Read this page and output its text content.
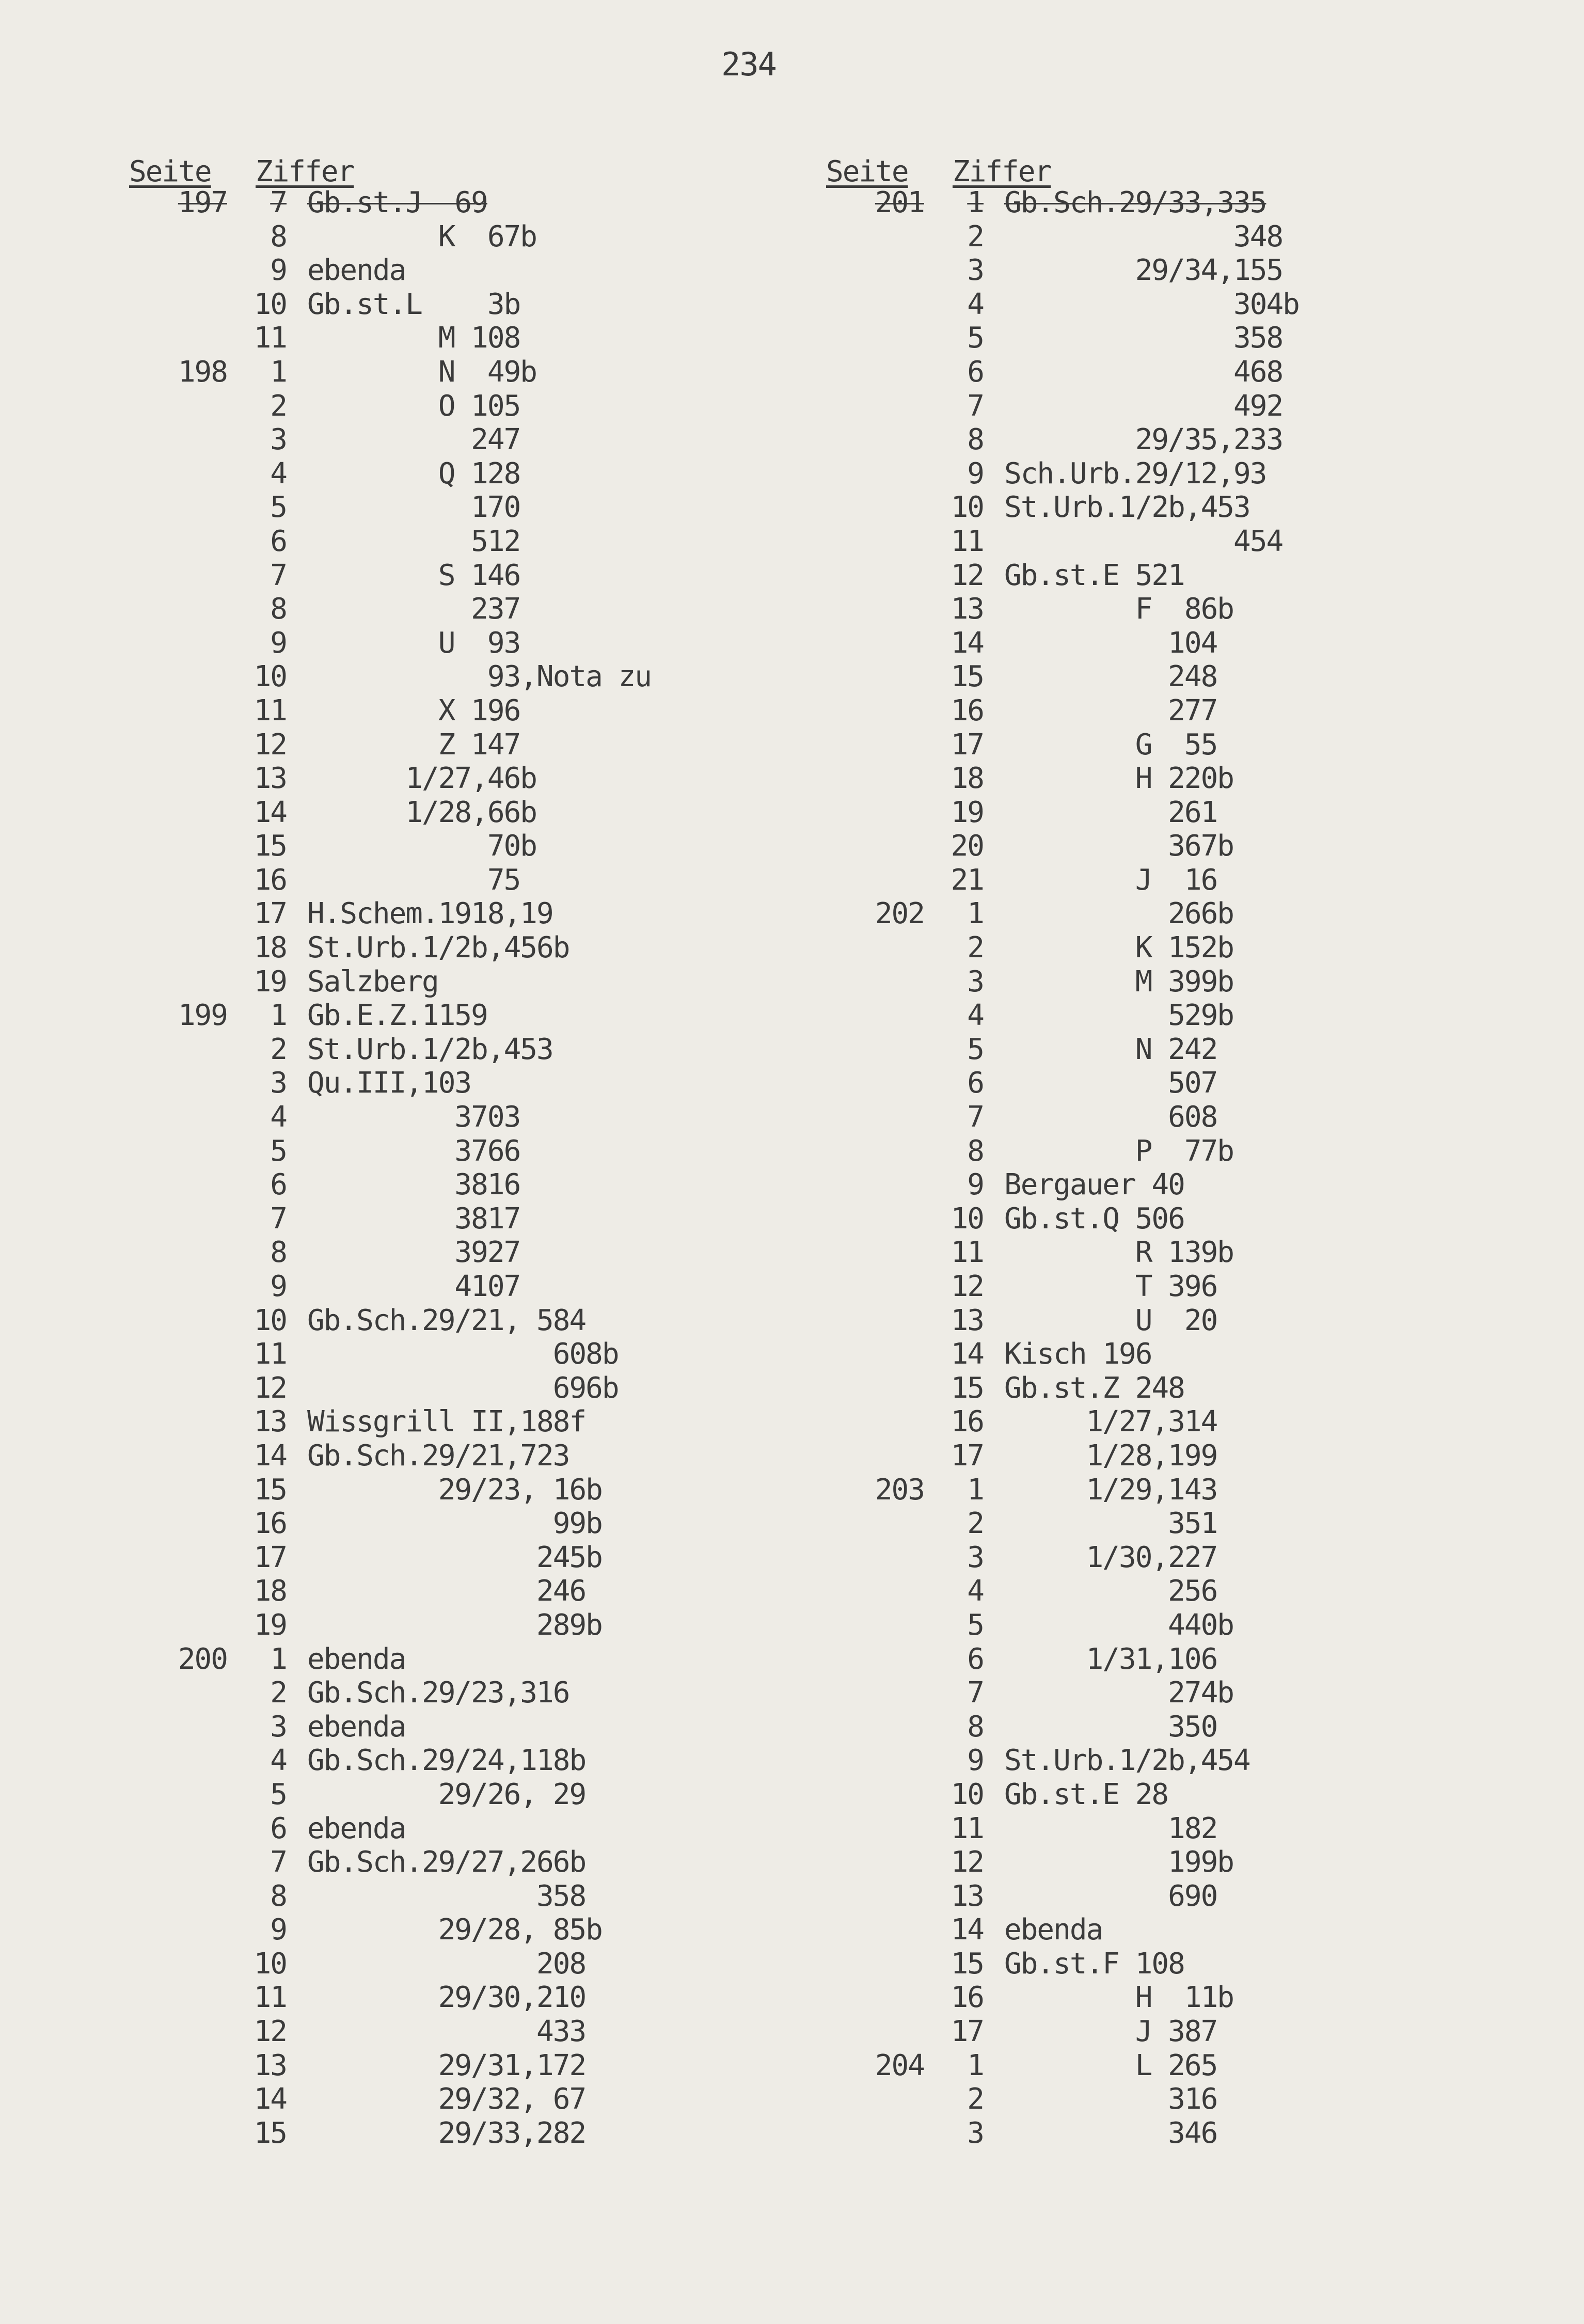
234
Seite	Ziffer
197	7 Gb.st.J  69
8 K  67b
9 ebenda
10 Gb.st.L    3b
11 M 108
198	1 N  49b
2 O 105
3 247
4 Q 128
5 170
6 512
7 S 146
8 237
9 U  93
10 93,Nota zu
11 X 196
12 Z 147
13 1/27,46b
14 1/28,66b
15 70b
16 75
17 H.Schem.1918,19
18 St.Urb.1/2b,456b
19 Salzberg
199	1 Gb.E.Z.1159
2 St.Urb.1/2b,453
3 Qu.III,103
4 3703
5 3766
6 3816
7 3817
8 3927
9 4107
10 Gb.Sch.29/21, 584
11 608b
12 696b
13 Wissgrill II,188f
14 Gb.Sch.29/21,723
15 29/23, 16b
16 99b
17 245b
18 246
19 289b
200	1 ebenda
2 Gb.Sch.29/23,316
3 ebenda
4 Gb.Sch.29/24,118b
5 29/26, 29
6 ebenda
7 Gb.Sch.29/27,266b
8 358
9 29/28, 85b
10 208
11 29/30,210
12 433
13 29/31,172
14 29/32, 67
15 29/33,282
Seite	Ziffer
201	1 Gb.Sch.29/33,335
2 348
3 29/34,155
4 304b
5 358
6 468
7 492
8 29/35,233
9 Sch.Urb.29/12,93
10 St.Urb.1/2b,453
11 454
12 Gb.st.E 521
13 F  86b
14 104
15 248
16 277
17 G  55
18 H 220b
19 261
20 367b
21 J  16
202	1 266b
2 K 152b
3 M 399b
4 529b
5 N 242
6 507
7 608
8 P  77b
9 Bergauer 40
10 Gb.st.Q 506
11 R 139b
12 T 396
13 U  20
14 Kisch 196
15 Gb.st.Z 248
16 1/27,314
17 1/28,199
203	1 1/29,143
2 351
3 1/30,227
4 256
5 440b
6 1/31,106
7 274b
8 350
9 St.Urb.1/2b,454
10 Gb.st.E 28
11 182
12 199b
13 690
14 ebenda
15 Gb.st.F 108
16 H  11b
17 J 387
204	1 L 265
2 316
3 346
